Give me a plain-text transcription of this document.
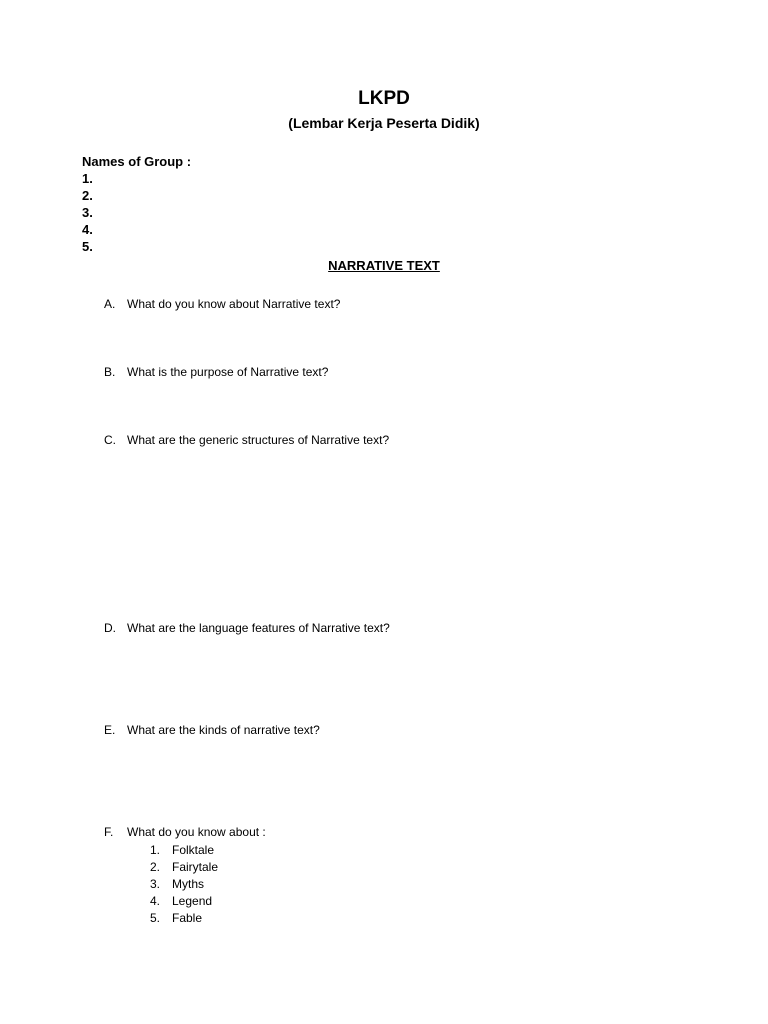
LKPD
(Lembar Kerja Peserta Didik)
Names of Group :
1.
2.
3.
4.
5.
NARRATIVE TEXT
A. What do you know about Narrative text?
B. What is the purpose of Narrative text?
C. What are the generic structures of Narrative text?
D. What are the language features of Narrative text?
E. What are the kinds of narrative text?
F. What do you know about :
1. Folktale
2. Fairytale
3. Myths
4. Legend
5. Fable
